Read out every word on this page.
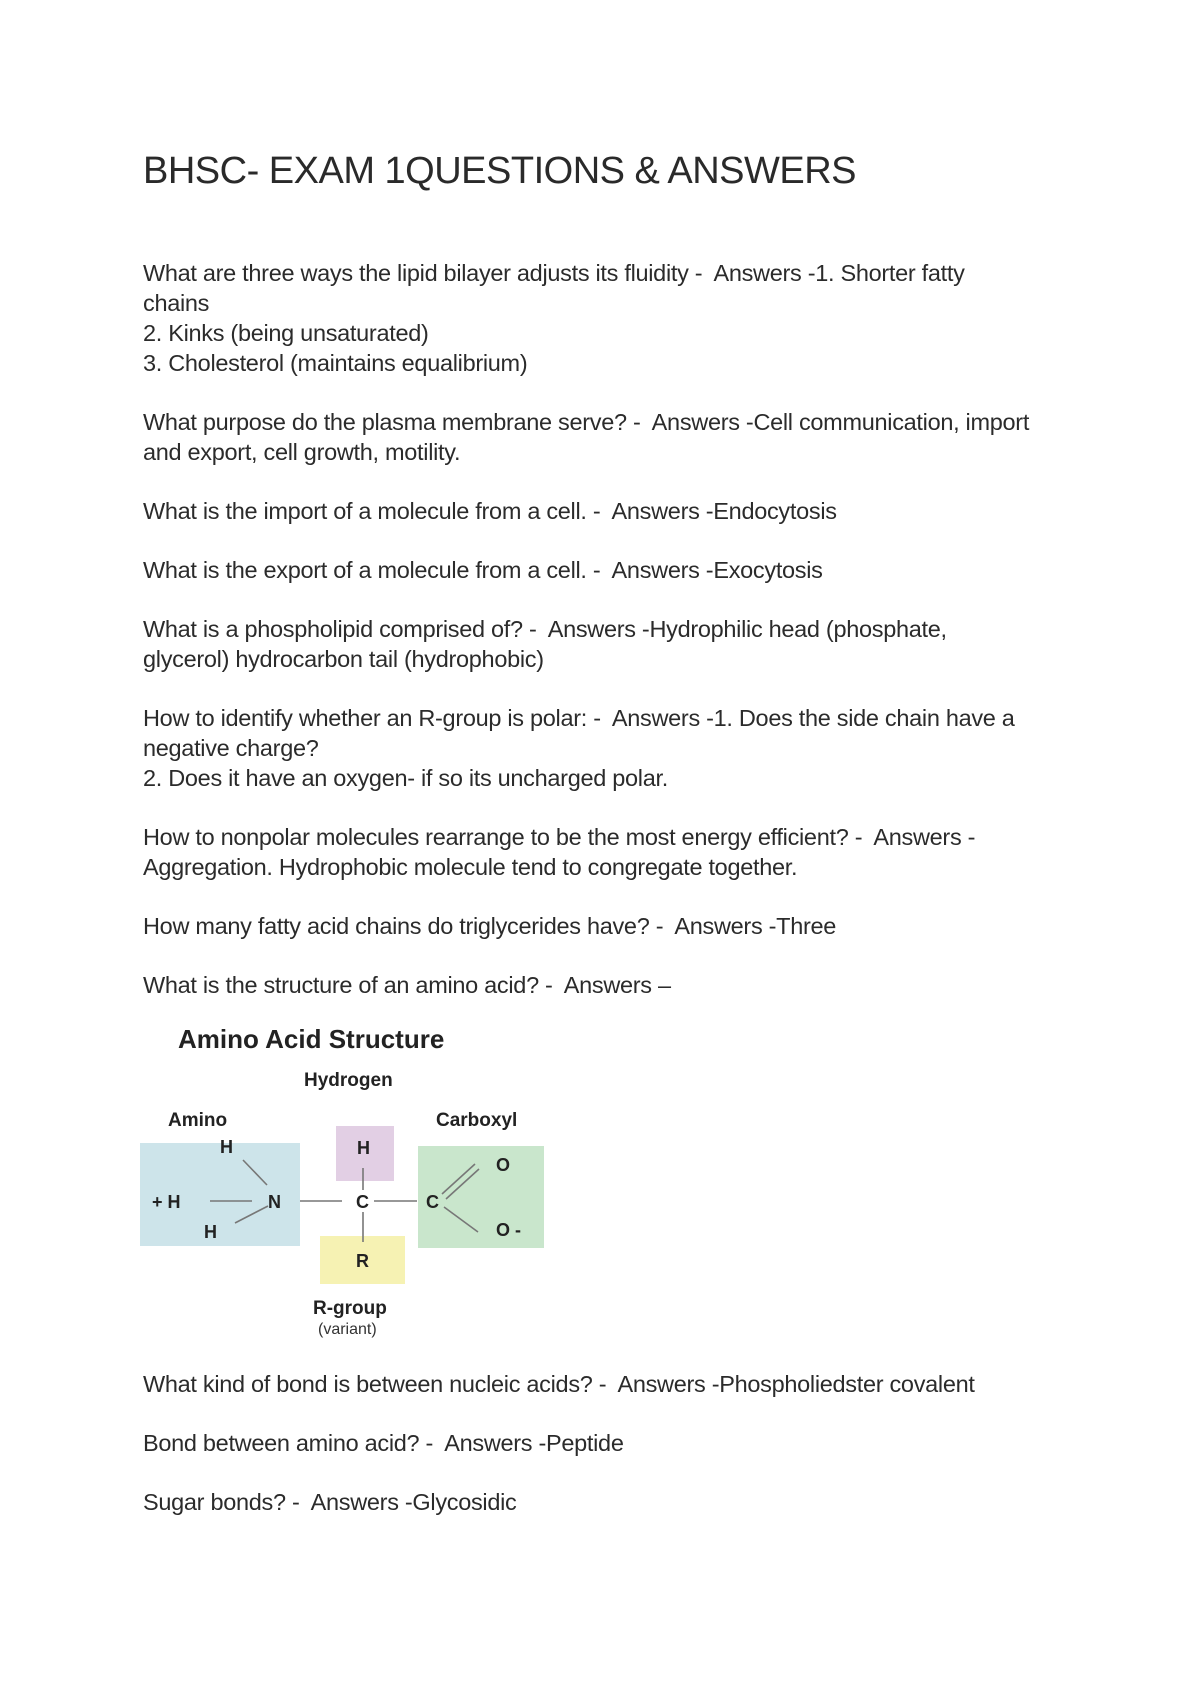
BHSC- EXAM 1QUESTIONS & ANSWERS
What are three ways the lipid bilayer adjusts its fluidity -  Answers -1. Shorter fatty
chains
2. Kinks (being unsaturated)
3. Cholesterol (maintains equalibrium)
What purpose do the plasma membrane serve? -  Answers -Cell communication, import
and export, cell growth, motility.
What is the import of a molecule from a cell. -  Answers -Endocytosis
What is the export of a molecule from a cell. -  Answers -Exocytosis
What is a phospholipid comprised of? -  Answers -Hydrophilic head (phosphate,
glycerol) hydrocarbon tail (hydrophobic)
How to identify whether an R-group is polar: -  Answers -1. Does the side chain have a
negative charge?
2. Does it have an oxygen- if so its uncharged polar.
How to nonpolar molecules rearrange to be the most energy efficient? -  Answers -
Aggregation. Hydrophobic molecule tend to congregate together.
How many fatty acid chains do triglycerides have? -  Answers -Three
What is the structure of an amino acid? -  Answers –
Amino Acid Structure
Hydrogen
Amino	Carboxyl
H
+ H
H
N
H
C
R
C
O
O -
R-group
(variant)
What kind of bond is between nucleic acids? -  Answers -Phospholiedster covalent
Bond between amino acid? -  Answers -Peptide
Sugar bonds? -  Answers -Glycosidic
